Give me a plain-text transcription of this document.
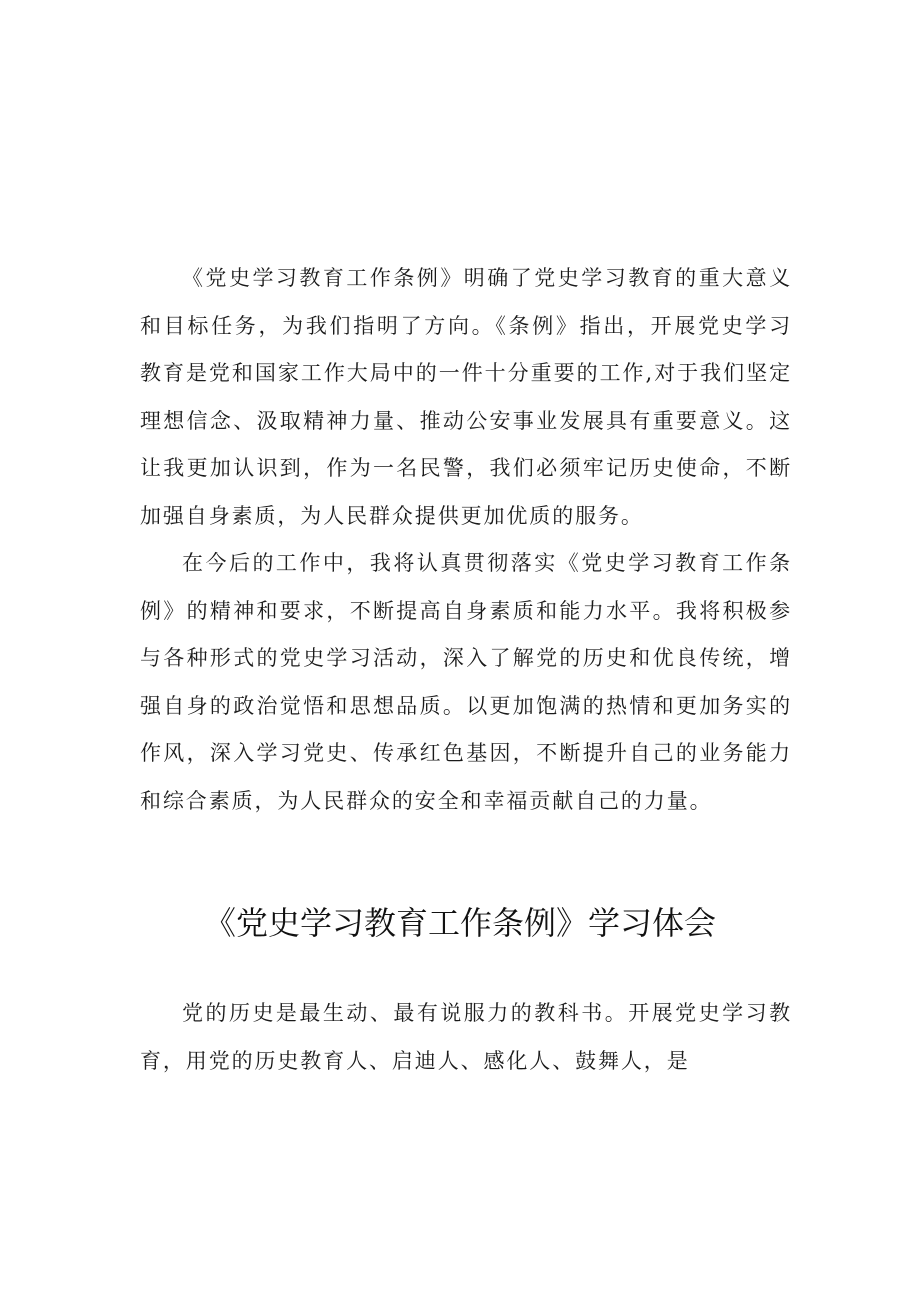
《党史学习教育工作条例》明确了党史学习教育的重大意义和目标任务，为我们指明了方向。《条例》指出，开展党史学习教育是党和国家工作大局中的一件十分重要的工作,对于我们坚定理想信念、汲取精神力量、推动公安事业发展具有重要意义。这让我更加认识到，作为一名民警，我们必须牢记历史使命，不断加强自身素质，为人民群众提供更加优质的服务。

在今后的工作中，我将认真贯彻落实《党史学习教育工作条例》的精神和要求，不断提高自身素质和能力水平。我将积极参与各种形式的党史学习活动，深入了解党的历史和优良传统，增强自身的政治觉悟和思想品质。以更加饱满的热情和更加务实的作风，深入学习党史、传承红色基因，不断提升自己的业务能力和综合素质，为人民群众的安全和幸福贡献自己的力量。

《党史学习教育工作条例》学习体会

党的历史是最生动、最有说服力的教科书。开展党史学习教育，用党的历史教育人、启迪人、感化人、鼓舞人，是
